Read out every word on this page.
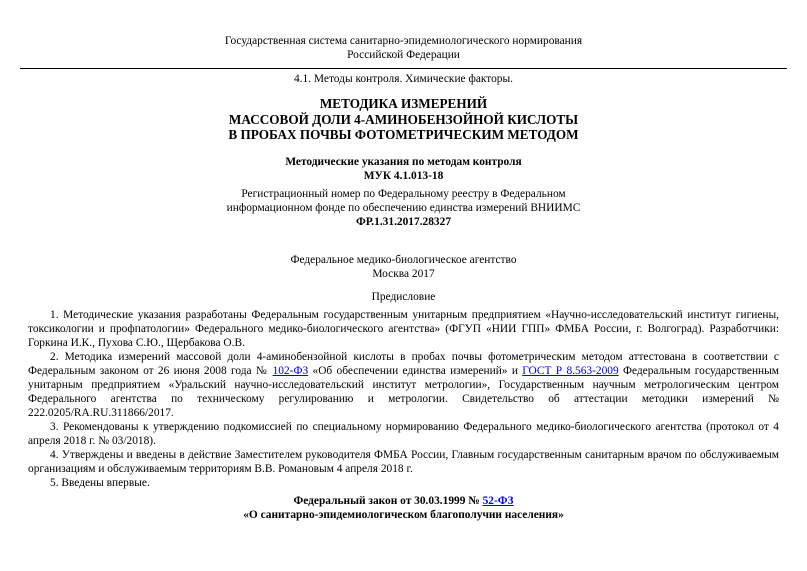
Государственная система санитарно-эпидемиологического нормирования
Российской Федерации
4.1. Методы контроля. Химические факторы.
МЕТОДИКА ИЗМЕРЕНИЙ
МАССОВОЙ ДОЛИ 4-АМИНОБЕНЗОЙНОЙ КИСЛОТЫ
В ПРОБАХ ПОЧВЫ ФОТОМЕТРИЧЕСКИМ МЕТОДОМ
Методические указания по методам контроля
МУК 4.1.013-18
Регистрационный номер по Федеральному реестру в Федеральном
информационном фонде по обеспечению единства измерений ВНИИМС
ФР.1.31.2017.28327
Федеральное медико-биологическое агентство
Москва 2017
Предисловие

1. Методические указания разработаны Федеральным государственным унитарным предприятием «Научно-исследовательский институт гигиены, токсикологии и профпатологии» Федерального медико-биологического агентства» (ФГУП «НИИ ГПП» ФМБА России, г. Волгоград). Разработчики: Горкина И.К., Пухова С.Ю., Щербакова О.В.

2. Методика измерений массовой доли 4-аминобензойной кислоты в пробах почвы фотометрическим методом аттестована в соответствии с Федеральным законом от 26 июня 2008 года № 102-ФЗ «Об обеспечении единства измерений» и ГОСТ Р 8.563-2009 Федеральным государственным унитарным предприятием «Уральский научно-исследовательский институт метрологии», Государственным научным метрологическим центром Федерального агентства по техническому регулированию и метрологии. Свидетельство об аттестации методики измерений № 222.0205/RA.RU.311866/2017.

3. Рекомендованы к утверждению подкомиссией по специальному нормированию Федерального медико-биологического агентства (протокол от 4 апреля 2018 г. № 03/2018).

4. Утверждены и введены в действие Заместителем руководителя ФМБА России, Главным государственным санитарным врачом по обслуживаемым организациям и обслуживаемым территориям В.В. Романовым 4 апреля 2018 г.

5. Введены впервые.

Федеральный закон от 30.03.1999 № 52-ФЗ
«О санитарно-эпидемиологическом благополучии населения»
